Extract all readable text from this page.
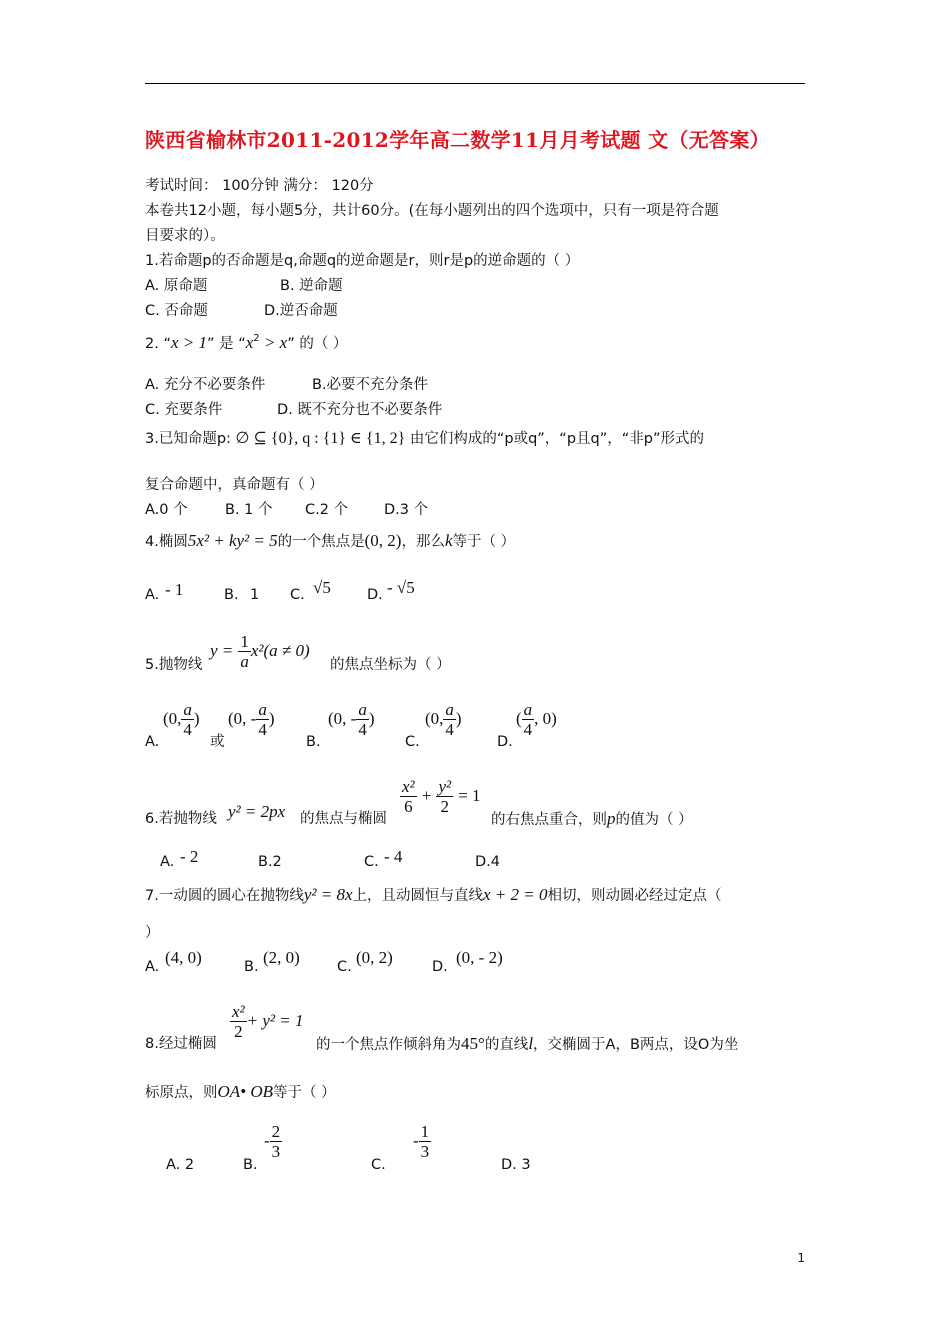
陕西省榆林市2011-2012学年高二数学11月月考试题 文（无答案）
考试时间： 100分钟 满分： 120分
本卷共12小题，每小题5分，共计60分。(在每小题列出的四个选项中，只有一项是符合题
目要求的）。
1.若命题p的否命题是q,命题q的逆命题是r，则r是p的逆命题的（ ）
A. 原命题	B. 逆命题
C. 否命题	D.逆否命题
2. “x > 1” 是 “$x^2 > x$” 的（ ）
A. 充分不必要条件	B.必要不充分条件
C. 充要条件	D. 既不充分也不必要条件
3.已知命题p: ∅ ⊆ {0}, q : {1} ∈ {1, 2} 由它们构成的“p或q”，“p且q”，“非p”形式的
复合命题中，真命题有（ ）
A.0 个	B. 1 个 C.2 个 D.3 个
4.椭圆5x² + ky² = 5的一个焦点是(0, 2)，那么k等于（ ）
A. - 1	B. 1 C. √5 D. - √5
5.抛物线
$y = \frac{1}{a} x^2(a \ne 0)$
的焦点坐标为（ ）
A.
(0, $\frac{a}{4}$ )
或
(0, - $\frac{a}{4}$ )
B.
(0, - $\frac{a}{4}$ )
C.
(0, $\frac{a}{4}$ )
D.
( $\frac{a}{4}$ , 0)
6.若抛物线 y² = 2px 的焦点与椭圆
$\frac{\text{x²}}{6} + \frac{\text{y²}}{2} = 1$
的右焦点重合，则p的值为（ ）
A. - 2	B.2	C. - 4	D.4
7.一动圆的圆心在抛物线y² = 8x上，且动圆恒与直线x + 2 = 0相切，则动圆必经过定点（
）
A. (4, 0)	B. (2, 0)	C. (0, 2)	D. (0, - 2)
8.经过椭圆
$\frac{\text{x²}}{2} + y^2 = 1$
的一个焦点作倾斜角为45°的直线l，交椭圆于A，B两点，设O为坐
标原点，则OA• OB等于（ ）
A. 2	B.
- $\frac{2}{3}$
C.
- $\frac{1}{3}$
D. 3
1
